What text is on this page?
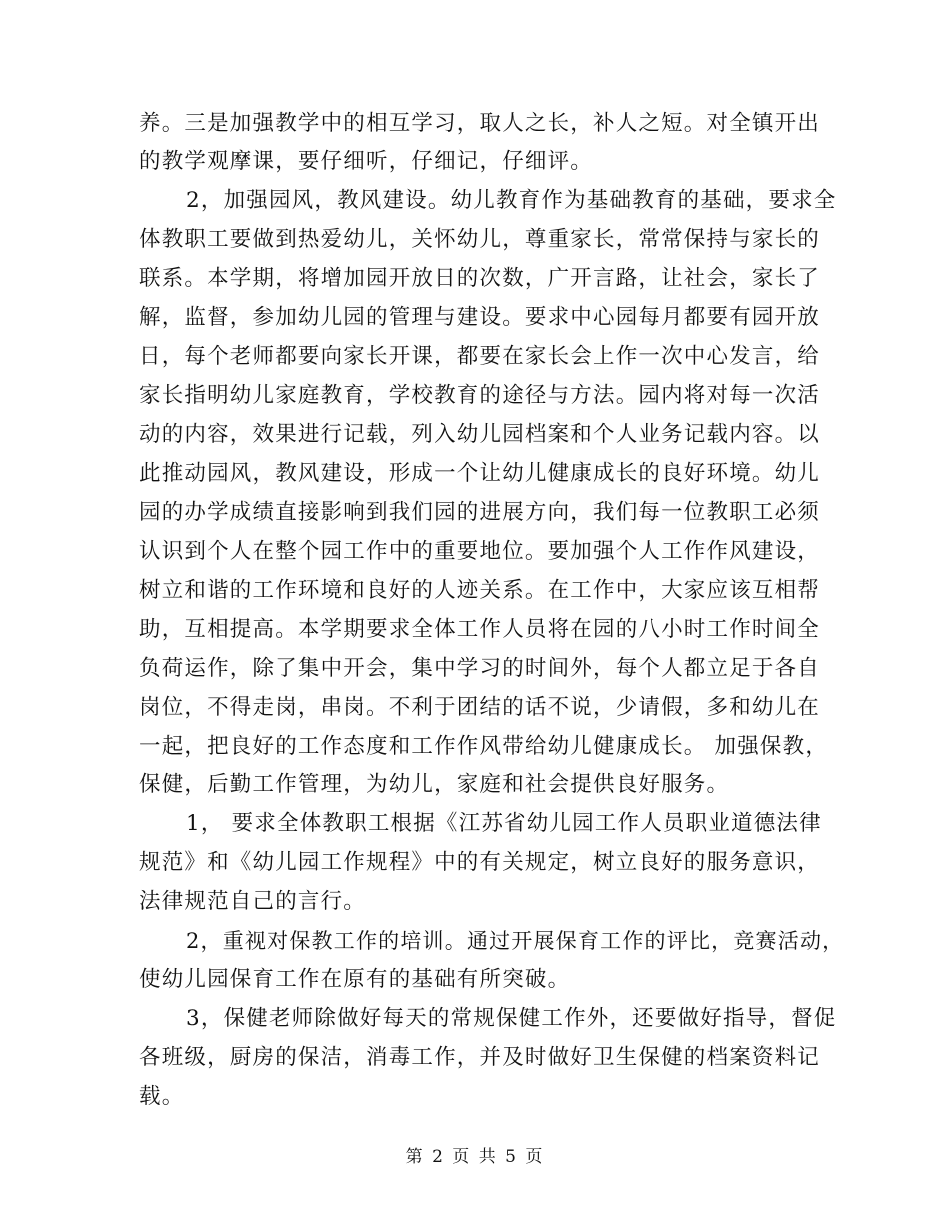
养。三是加强教学中的相互学习，取人之长，补人之短。对全镇开出
的教学观摩课，要仔细听，仔细记，仔细评。
2，加强园风，教风建设。幼儿教育作为基础教育的基础，要求全
体教职工要做到热爱幼儿，关怀幼儿，尊重家长，常常保持与家长的
联系。本学期，将增加园开放日的次数，广开言路，让社会，家长了
解，监督，参加幼儿园的管理与建设。要求中心园每月都要有园开放
日，每个老师都要向家长开课，都要在家长会上作一次中心发言，给
家长指明幼儿家庭教育，学校教育的途径与方法。园内将对每一次活
动的内容，效果进行记载，列入幼儿园档案和个人业务记载内容。以
此推动园风，教风建设，形成一个让幼儿健康成长的良好环境。幼儿
园的办学成绩直接影响到我们园的进展方向，我们每一位教职工必须
认识到个人在整个园工作中的重要地位。要加强个人工作作风建设，
树立和谐的工作环境和良好的人迹关系。在工作中，大家应该互相帮
助，互相提高。本学期要求全体工作人员将在园的八小时工作时间全
负荷运作，除了集中开会，集中学习的时间外，每个人都立足于各自
岗位，不得走岗，串岗。不利于团结的话不说，少请假，多和幼儿在
一起，把良好的工作态度和工作作风带给幼儿健康成长。 加强保教，
保健，后勤工作管理，为幼儿，家庭和社会提供良好服务。
1， 要求全体教职工根据《江苏省幼儿园工作人员职业道德法律
规范》和《幼儿园工作规程》中的有关规定，树立良好的服务意识，
法律规范自己的言行。
2，重视对保教工作的培训。通过开展保育工作的评比，竞赛活动，
使幼儿园保育工作在原有的基础有所突破。
3，保健老师除做好每天的常规保健工作外，还要做好指导，督促
各班级，厨房的保洁，消毒工作，并及时做好卫生保健的档案资料记
载。
第 2 页 共 5 页
